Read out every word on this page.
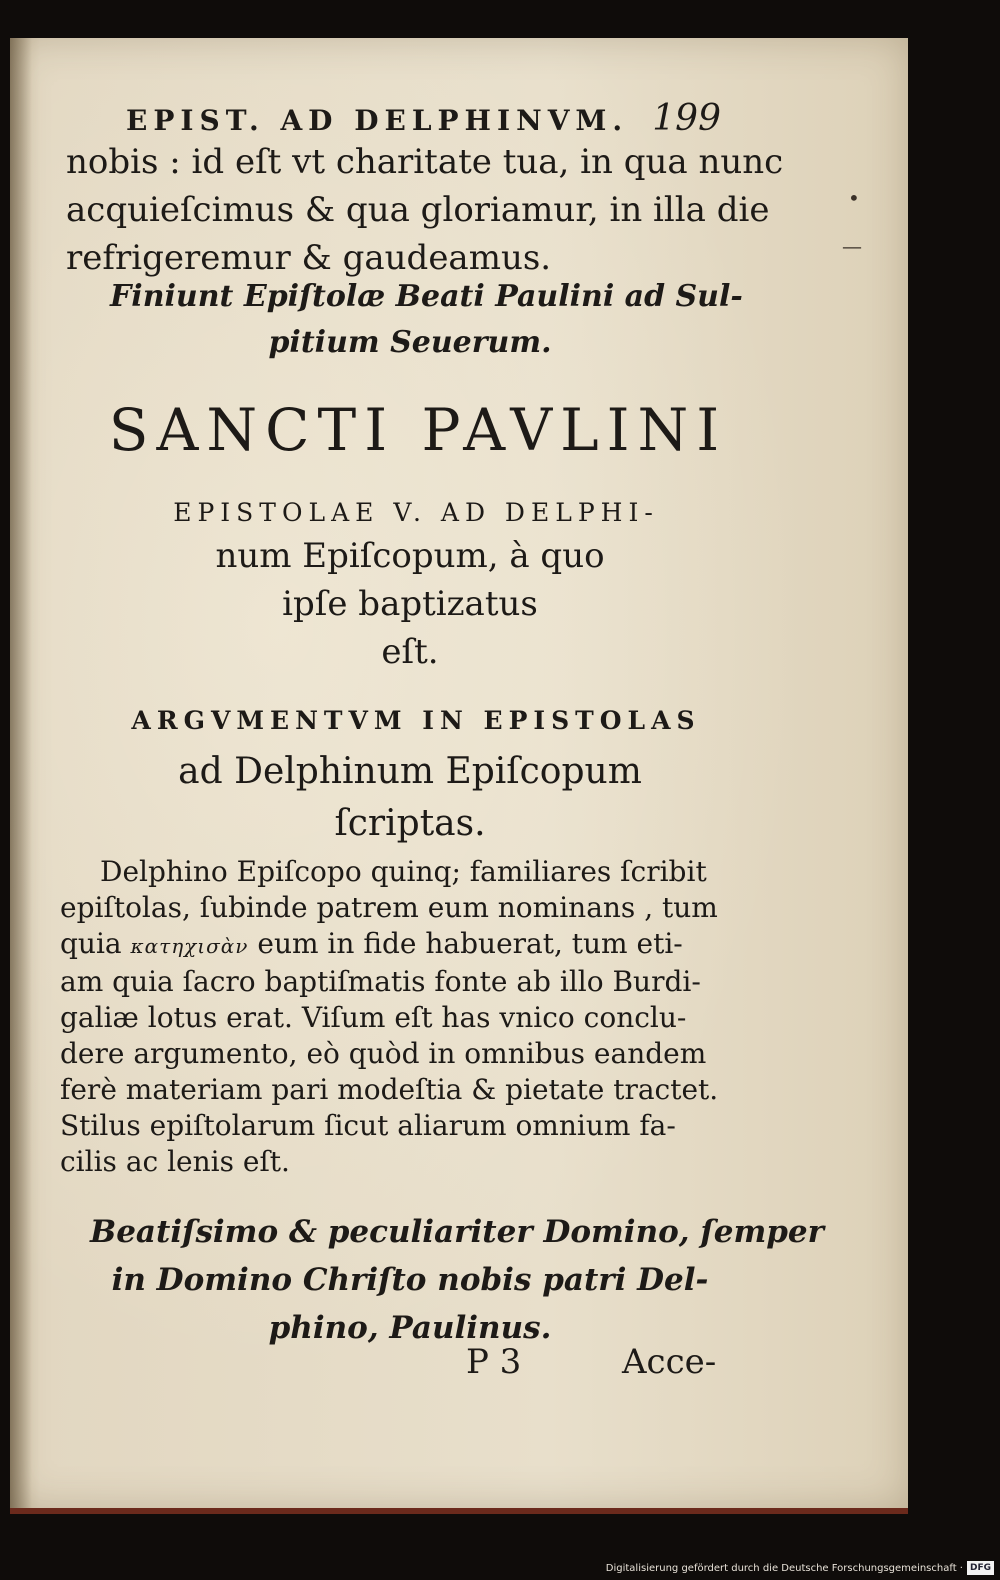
EPIST. AD DELPHINVM. 199
nobis : id eſt vt charitate tua, in qua nunc
acquieſcimus & qua gloriamur, in illa die
refrigeremur & gaudeamus.
Finiunt Epiſtolæ Beati Paulini ad Sul-
pitium Seuerum.
SANCTI PAVLINI
EPISTOLAE V. AD DELPHI-
num Epiſcopum, à quo
ipſe baptizatus
eſt.
ARGVMENTVM IN EPISTOLAS
ad Delphinum Epiſcopum
ſcriptas.
Delphino Epiſcopo quinq; familiares ſcribit
epiſtolas, ſubinde patrem eum nominans , tum
quia κατηχισὰν eum in fide habuerat, tum eti-
am quia ſacro baptiſmatis fonte ab illo Burdi-
galiæ lotus erat. Viſum eſt has vnico conclu-
dere argumento, eò quòd in omnibus eandem
ferè materiam pari modeſtia & pietate tractet.
Stilus epiſtolarum ſicut aliarum omnium fa-
cilis ac lenis eſt.
Beatiſsimo & peculiariter Domino, ſemper
in Domino Chriſto nobis patri Del-
phino, Paulinus.
P 3	Acce-
•
—
Digitalisierung gefördert durch die Deutsche Forschungsgemeinschaft · DFG
